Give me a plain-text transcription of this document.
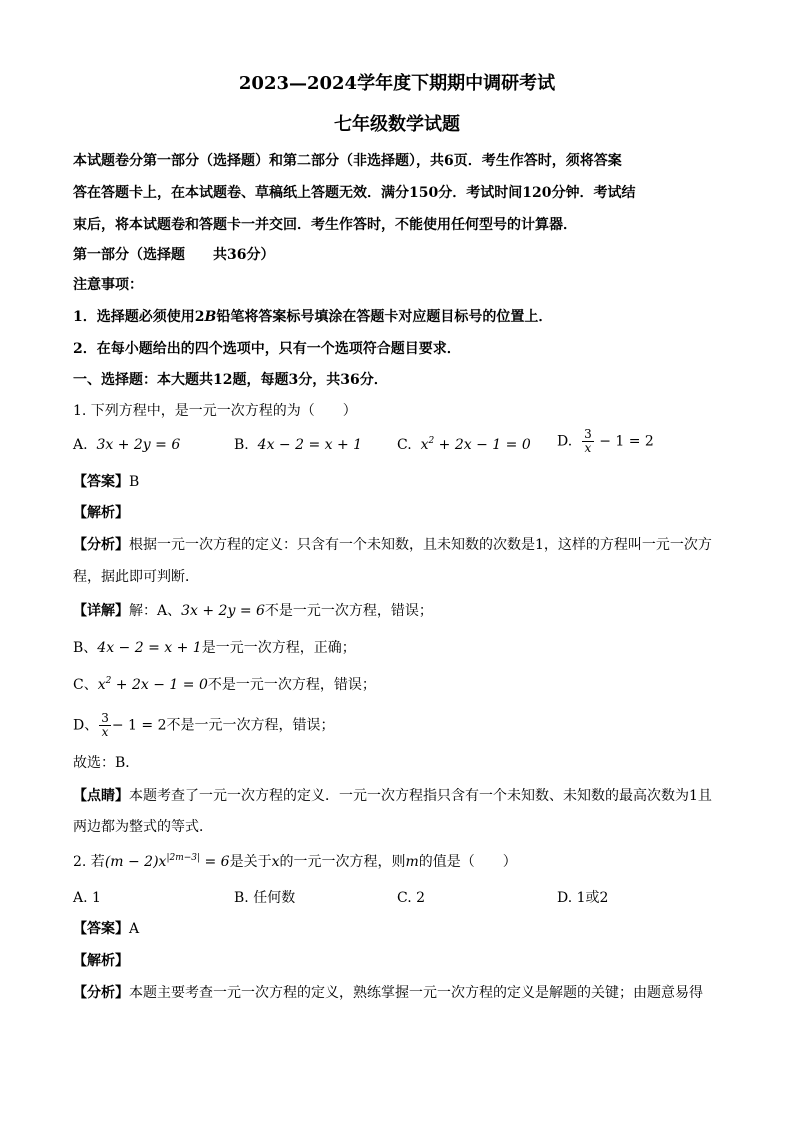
2023—2024学年度下期期中调研考试
七年级数学试题
本试题卷分第一部分（选择题）和第二部分（非选择题），共6页．考生作答时，须将答案
答在答题卡上，在本试题卷、草稿纸上答题无效．满分150分．考试时间120分钟．考试结
束后，将本试题卷和答题卡一并交回．考生作答时，不能使用任何型号的计算器．
第一部分（选择题　　共36分）
注意事项：
1．选择题必须使用2B铅笔将答案标号填涂在答题卡对应题目标号的位置上．
2．在每小题给出的四个选项中，只有一个选项符合题目要求．
一、选择题：本大题共12题，每题3分，共36分．
1. 下列方程中，是一元一次方程的为（　　）
A. 3x + 2y = 6	B. 4x − 2 = x + 1 C. $x^2 + 2x - 1 = 0$ D. $\frac{3}{x} - 1 = 2$
【答案】B
【解析】
【分析】根据一元一次方程的定义：只含有一个未知数，且未知数的次数是1，这样的方程叫一元一次方
程，据此即可判断．
【详解】解：A、3x + 2y = 6不是一元一次方程，错误；
B、4x − 2 = x + 1是一元一次方程，正确；
C、$x^2 + 2x - 1 = 0$不是一元一次方程，错误；
D、 $\frac{3}{x} - 1 = 2$不是一元一次方程，错误；
故选：B．
【点睛】本题考查了一元一次方程的定义．一元一次方程指只含有一个未知数、未知数的最高次数为1且
两边都为整式的等式．
2. 若$(m - 2)x^{|2m-3|} = 6$是关于x的一元一次方程，则m的值是（　　）
A. 1	B. 任何数	C. 2	D. 1或2
【答案】A
【解析】
【分析】本题主要考查一元一次方程的定义，熟练掌握一元一次方程的定义是解题的关键；由题意易得
